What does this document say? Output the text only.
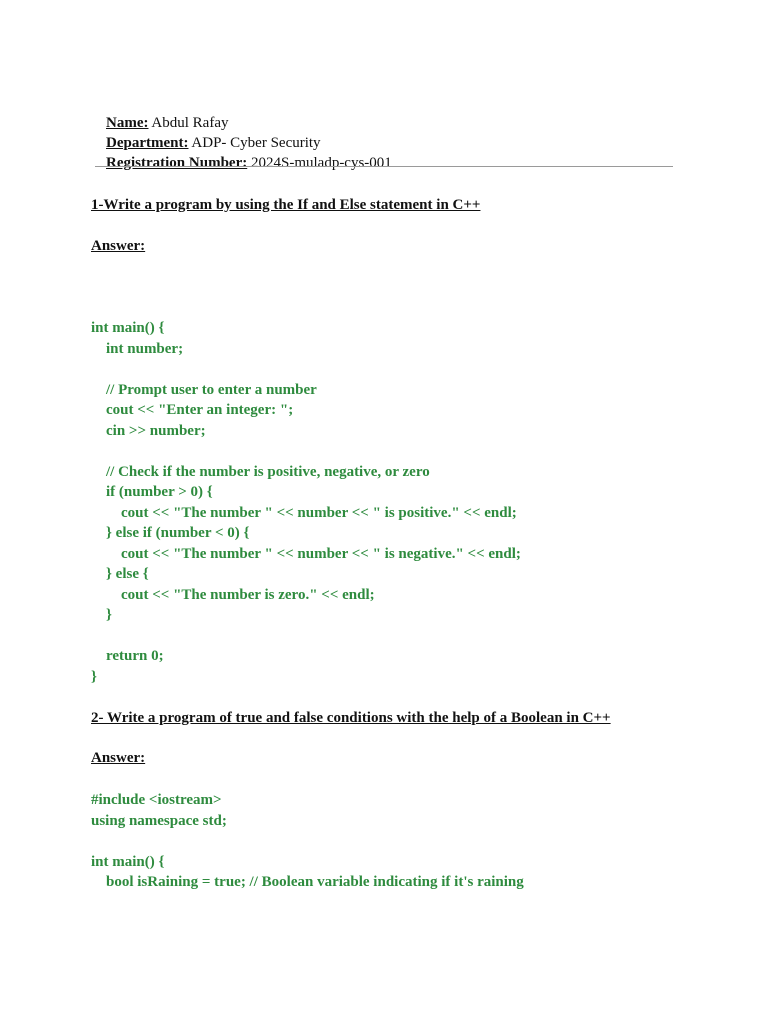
Name: Abdul Rafay

Department: ADP- Cyber Security

Registration Number: 2024S-muladp-cys-001

1-Write a program by using the If and Else statement in C++
Answer:
int main() {
int number;
// Prompt user to enter a number
cout << "Enter an integer: ";
cin >> number;
// Check if the number is positive, negative, or zero
if (number > 0) {
cout << "The number " << number << " is positive." << endl;
} else if (number < 0) {
cout << "The number " << number << " is negative." << endl;
} else {
cout << "The number is zero." << endl;
}
return 0;
}
2- Write a program of true and false conditions with the help of a Boolean in C++
Answer:
#include <iostream>
using namespace std;
int main() {
bool isRaining = true; // Boolean variable indicating if it's raining
